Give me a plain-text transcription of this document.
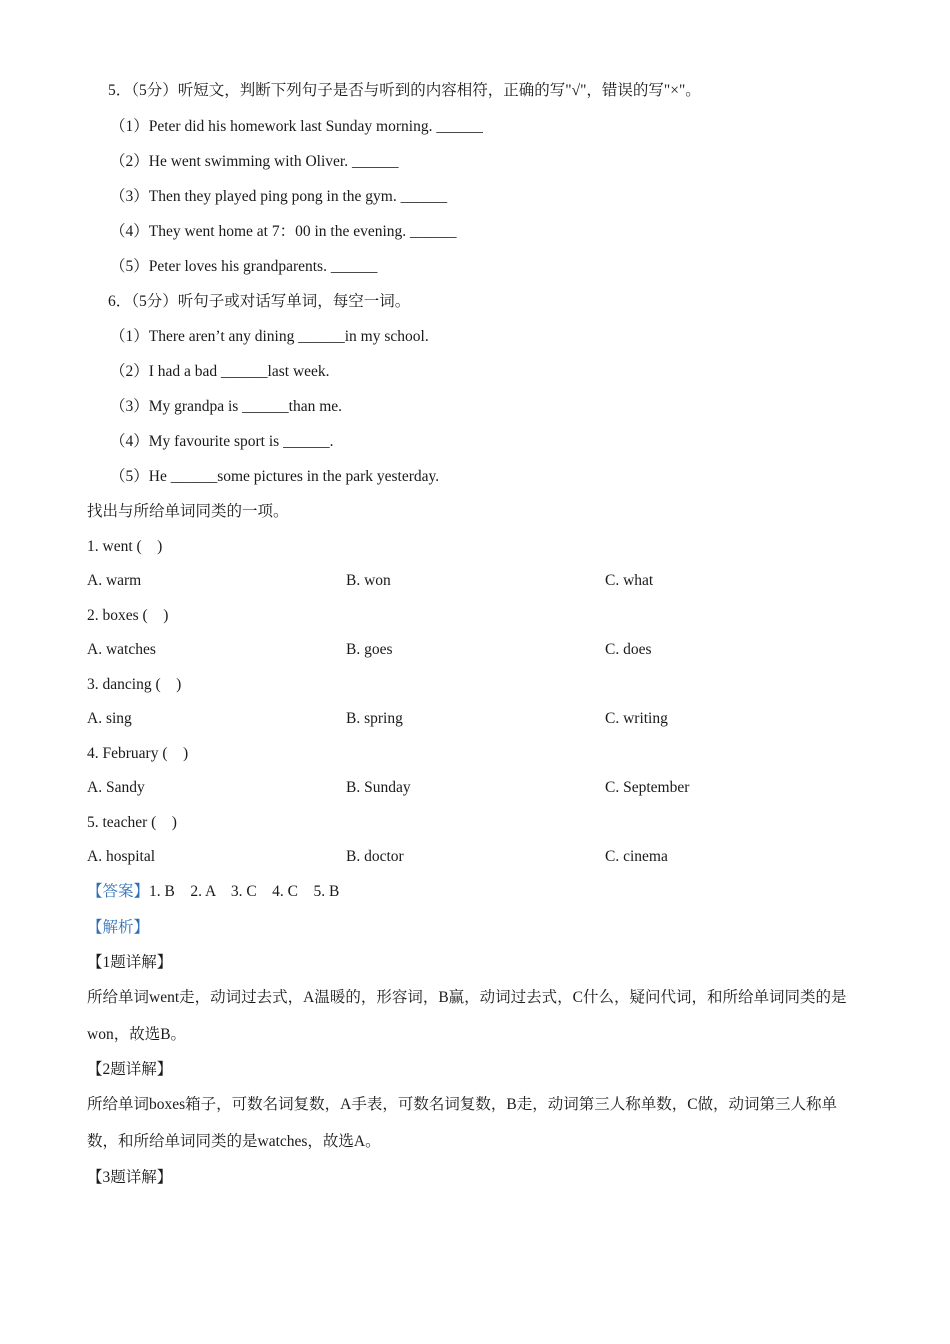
5．（5分）听短文，判断下列句子是否与听到的内容相符，正确的写"√"，错误的写"×"。
（1）Peter did his homework last Sunday morning. ______
（2）He went swimming with Oliver. ______
（3）Then they played ping pong in the gym. ______
（4）They went home at 7：00 in the evening. ______
（5）Peter loves his grandparents. ______
6．（5分）听句子或对话写单词，每空一词。
（1）There aren’t any dining ______in my school.
（2）I had a bad ______last week.
（3）My grandpa is ______than me.
（4）My favourite sport is ______.
（5）He ______some pictures in the park yesterday.
找出与所给单词同类的一项。
1. went (　)
A. warm	B. won	C. what
2. boxes (　)
A. watches	B. goes	C. does
3. dancing (　)
A. sing	B. spring	C. writing
4. February (　)
A. Sandy	B. Sunday	C. September
5. teacher (　)
A. hospital	B. doctor	C. cinema
【答案】1. B　2. A　3. C　4. C　5. B
【解析】
【1题详解】
所给单词went走，动词过去式，A温暖的，形容词，B赢，动词过去式，C什么，疑问代词，和所给单词同类的是won，故选B。
【2题详解】
所给单词boxes箱子，可数名词复数，A手表，可数名词复数，B走，动词第三人称单数，C做，动词第三人称单数，和所给单词同类的是watches，故选A。
【3题详解】
